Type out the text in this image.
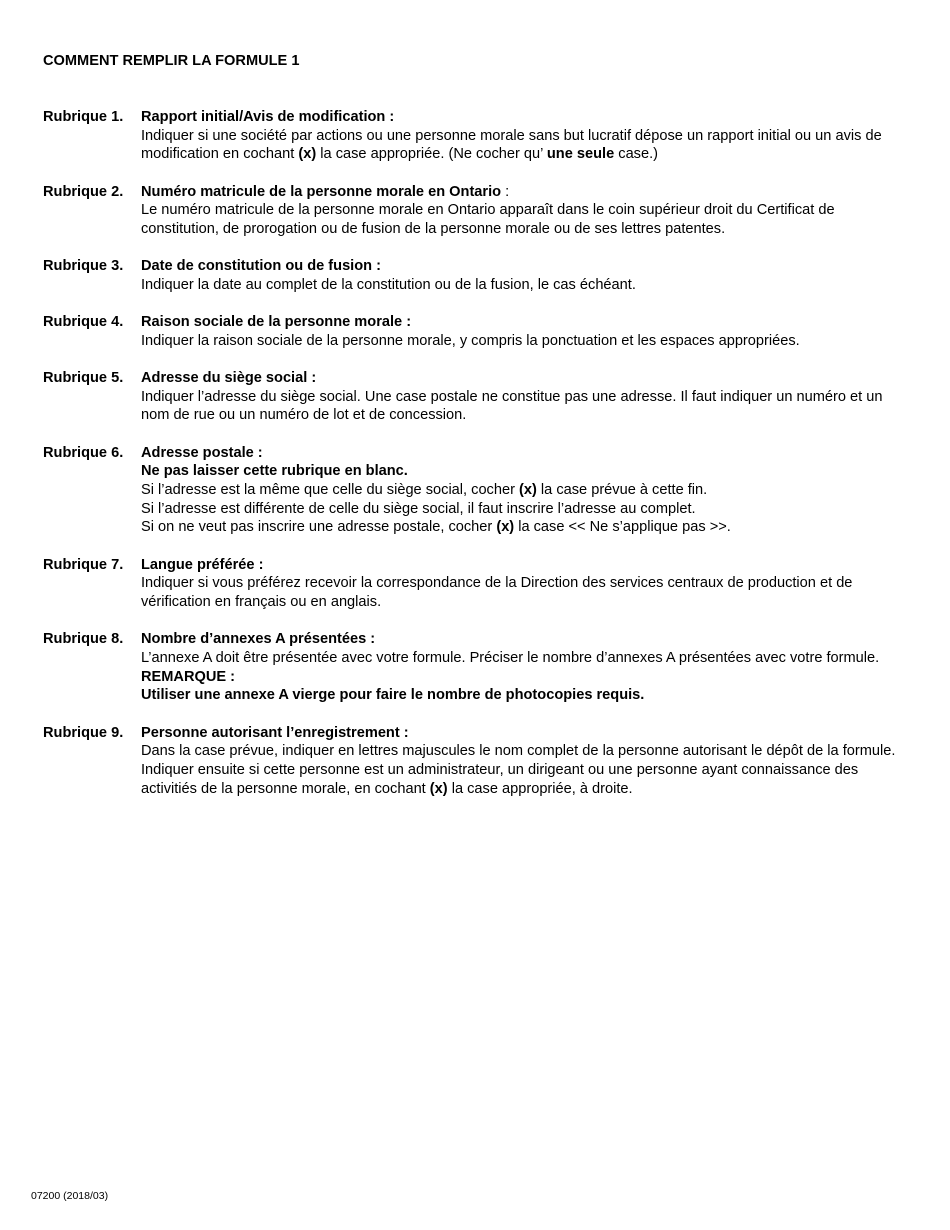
COMMENT REMPLIR LA FORMULE 1
Rubrique 1.	Rapport initial/Avis de modification :
Indiquer si une société par actions ou une personne morale sans but lucratif dépose un rapport initial ou un avis de modification en cochant (x) la case appropriée. (Ne cocher qu’ une seule case.)
Rubrique 2.	Numéro matricule de la personne morale en Ontario :
Le numéro matricule de la personne morale en Ontario apparaît dans le coin supérieur droit du Certificat de constitution, de prorogation ou de fusion de la personne morale ou de ses lettres patentes.
Rubrique 3.	Date de constitution ou de fusion :
Indiquer la date au complet de la constitution ou de la fusion, le cas échéant.
Rubrique 4.	Raison sociale de la personne morale :
Indiquer la raison sociale de la personne morale, y compris la ponctuation et les espaces appropriées.
Rubrique 5.	Adresse du siège social :
Indiquer l’adresse du siège social. Une case postale ne constitue pas une adresse. Il faut indiquer un numéro et un nom de rue ou un numéro de lot et de concession.
Rubrique 6.	Adresse postale :
Ne pas laisser cette rubrique en blanc.
Si l’adresse est la même que celle du siège social, cocher (x) la case prévue à cette fin.
Si l’adresse est différente de celle du siège social, il faut inscrire l’adresse au complet.
Si on ne veut pas inscrire une adresse postale, cocher (x) la case << Ne s’applique pas >>.
Rubrique 7.	Langue préférée :
Indiquer si vous préférez recevoir la correspondance de la Direction des services centraux de production et de vérification en français ou en anglais.
Rubrique 8.	Nombre d’annexes A présentées :
L’annexe A doit être présentée avec votre formule. Préciser le nombre d’annexes A présentées avec votre formule.
REMARQUE :
Utiliser une annexe A vierge pour faire le nombre de photocopies requis.
Rubrique 9.	Personne autorisant l’enregistrement :
Dans la case prévue, indiquer en lettres majuscules le nom complet de la personne autorisant le dépôt de la formule. Indiquer ensuite si cette personne est un administrateur, un dirigeant ou une personne ayant connaissance des activitiés de la personne morale, en cochant (x) la case appropriée, à droite.
07200 (2018/03)
